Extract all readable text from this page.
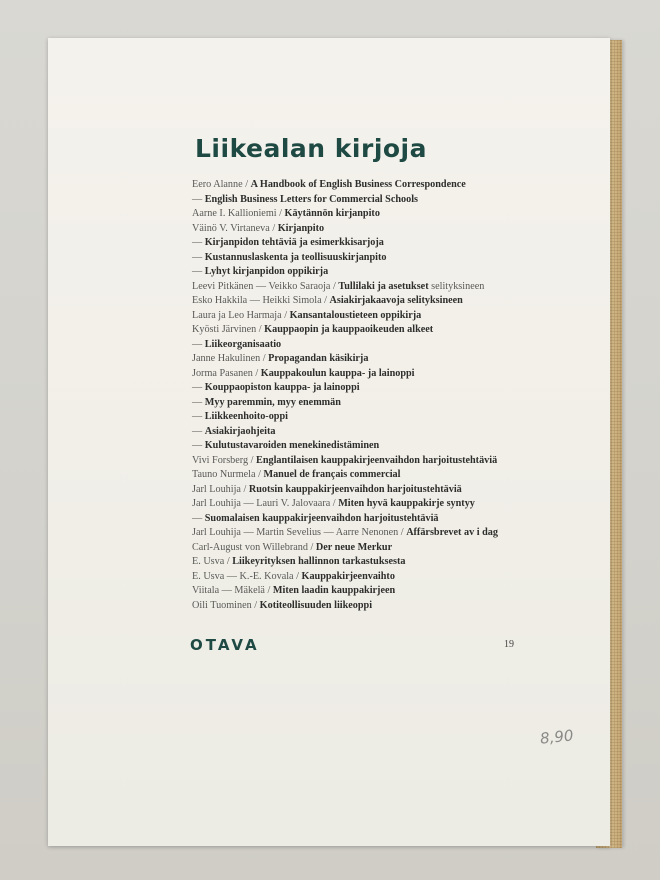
Liikealan kirjoja
Eero Alanne / A Handbook of English Business Correspondence
— English Business Letters for Commercial Schools
Aarne I. Kallioniemi / Käytännön kirjanpito
Väinö V. Virtaneva / Kirjanpito
— Kirjanpidon tehtäviä ja esimerkkisarjoja
— Kustannuslaskenta ja teollisuuskirjanpito
— Lyhyt kirjanpidon oppikirja
Leevi Pitkänen — Veikko Saraoja / Tullilaki ja asetukset selityksineen
Esko Hakkila — Heikki Simola / Asiakirjakaavoja selityksineen
Laura ja Leo Harmaja / Kansantaloustieteen oppikirja
Kyösti Järvinen / Kauppaopin ja kauppaoikeuden alkeet
— Liikeorganisaatio
Janne Hakulinen / Propagandan käsikirja
Jorma Pasanen / Kauppakoulun kauppa- ja lainoppi
— Kouppaopiston kauppa- ja lainoppi
— Myy paremmin, myy enemmän
— Liikkeenhoito-oppi
— Asiakirjaohjeita
— Kulutustavaroiden menekinedistäminen
Vivi Forsberg / Englantilaisen kauppakirjeenvaihdon harjoitustehtäviä
Tauno Nurmela / Manuel de français commercial
Jarl Louhija / Ruotsin kauppakirjeenvaihdon harjoitustehtäviä
Jarl Louhija — Lauri V. Jalovaara / Miten hyvä kauppakirje syntyy
— Suomalaisen kauppakirjeenvaihdon harjoitustehtäviä
Jarl Louhija — Martin Sevelius — Aarre Nenonen / Affärsbrevet av i dag
Carl-August von Willebrand / Der neue Merkur
E. Usva / Liikeyrityksen hallinnon tarkastuksesta
E. Usva — K.-E. Kovala / Kauppakirjeenvaihto
Viitala — Mäkelä / Miten laadin kauppakirjeen
Oili Tuominen / Kotiteollisuuden liikeoppi
OTAVA	19
8,90
